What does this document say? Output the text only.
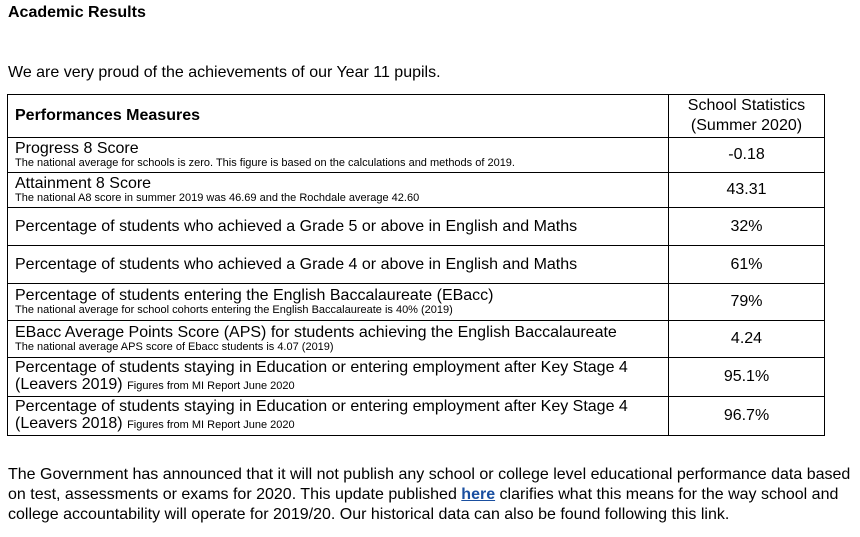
Academic Results
We are very proud of the achievements of our Year 11 pupils.
Performances Measures	School Statistics
(Summer 2020)

Progress 8 Score
The national average for schools is zero. This figure is based on the calculations and methods of 2019.	-0.18

Attainment 8 Score
The national A8 score in summer 2019 was 46.69 and the Rochdale average 42.60	43.31

Percentage of students who achieved a Grade 5 or above in English and Maths	32%

Percentage of students who achieved a Grade 4 or above in English and Maths	61%

Percentage of students entering the English Baccalaureate (EBacc)
The national average for school cohorts entering the English Baccalaureate is 40% (2019)	79%

EBacc Average Points Score (APS) for students achieving the English Baccalaureate
The national average APS score of Ebacc students is 4.07 (2019)	4.24

Percentage of students staying in Education or entering employment after Key Stage 4 (Leavers 2019) Figures from MI Report June 2020	95.1%

Percentage of students staying in Education or entering employment after Key Stage 4 (Leavers 2018) Figures from MI Report June 2020	96.7%
The Government has announced that it will not publish any school or college level educational performance data based on test, assessments or exams for 2020. This update published here clarifies what this means for the way school and college accountability will operate for 2019/20. Our historical data can also be found following this link.
